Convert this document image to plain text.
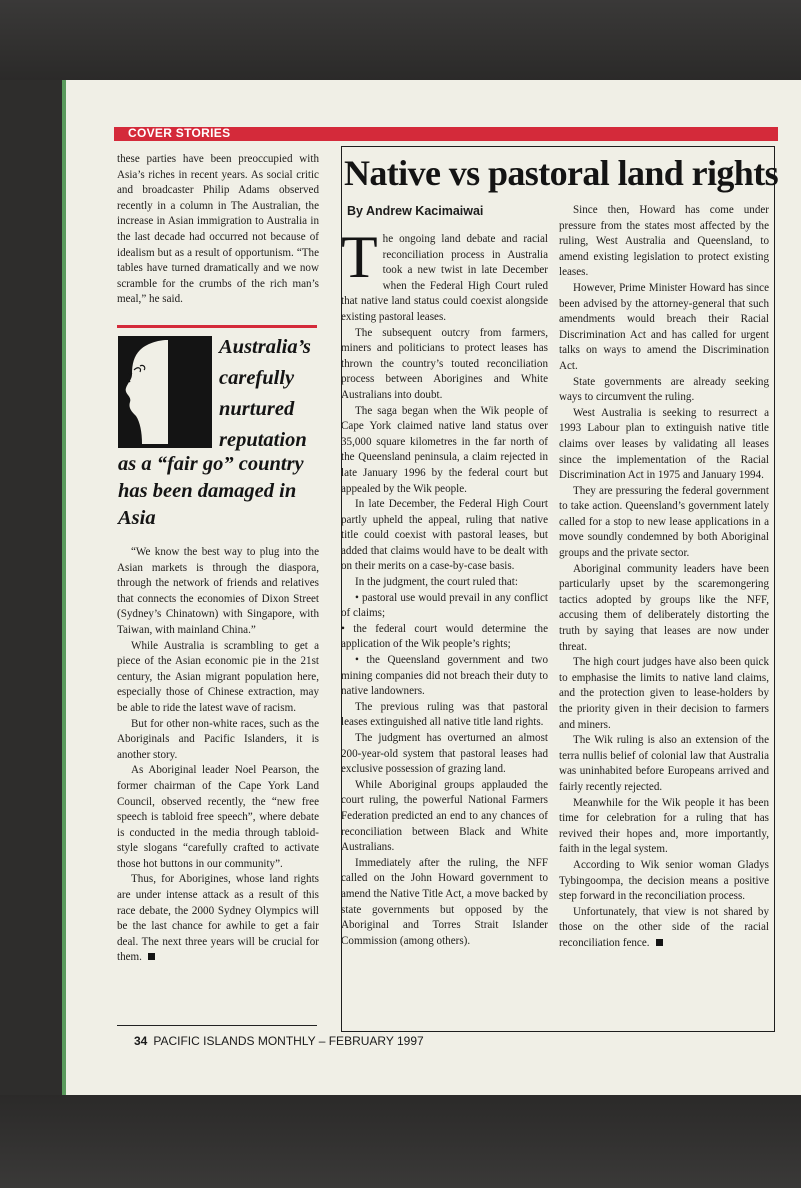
COVER STORIES

these parties have been preoccupied with Asia’s riches in recent years. As social critic and broadcaster Philip Adams observed recently in a column in The Australian, the increase in Asian immigration to Australia in the last decade had occurred not because of idealism but as a result of opportunism. “The tables have turned dramatically and we now scramble for the crumbs of the rich man’s meal,” he said.

Australia’s carefully nurtured reputation
as a “fair go” country has been damaged in Asia

“We know the best way to plug into the Asian markets is through the diaspora, through the network of friends and relatives that connects the economies of Dixon Street (Sydney’s Chinatown) with Singapore, with Taiwan, with mainland China.”

While Australia is scrambling to get a piece of the Asian economic pie in the 21st century, the Asian migrant population here, especially those of Chinese extraction, may be able to ride the latest wave of racism.

But for other non-white races, such as the Aboriginals and Pacific Islanders, it is another story.

As Aboriginal leader Noel Pearson, the former chairman of the Cape York Land Council, observed recently, the “new free speech is tabloid free speech”, where debate is conducted in the media through tabloid-style slogans “carefully crafted to activate those hot buttons in our community”.

Thus, for Aborigines, whose land rights are under intense attack as a result of this race debate, the 2000 Sydney Olympics will be the last chance for awhile to get a fair deal. The next three years will be crucial for them.

Native vs pastoral land rights
By Andrew Kacimaiwai

The ongoing land debate and racial reconciliation process in Australia took a new twist in late December when the Federal High Court ruled that native land status could coexist alongside existing pastoral leases.

The subsequent outcry from farmers, miners and politicians to protect leases has thrown the country’s touted reconciliation process between Aborigines and White Australians into doubt.

The saga began when the Wik people of Cape York claimed native land status over 35,000 square kilometres in the far north of the Queensland peninsula, a claim rejected in late January 1996 by the federal court but appealed by the Wik people.

In late December, the Federal High Court partly upheld the appeal, ruling that native title could coexist with pastoral leases, but added that claims would have to be dealt with on their merits on a case-by-case basis.

In the judgment, the court ruled that:

• pastoral use would prevail in any conflict of claims;

• the federal court would determine the application of the Wik people’s rights;

• the Queensland government and two mining companies did not breach their duty to native landowners.

The previous ruling was that pastoral leases extinguished all native title land rights.

The judgment has overturned an almost 200-year-old system that pastoral leases had exclusive possession of grazing land.

While Aboriginal groups applauded the court ruling, the powerful National Farmers Federation predicted an end to any chances of reconciliation between Black and White Australians.

Immediately after the ruling, the NFF called on the John Howard government to amend the Native Title Act, a move backed by state governments but opposed by the Aboriginal and Torres Strait Islander Commission (among others).

Since then, Howard has come under pressure from the states most affected by the ruling, West Australia and Queensland, to amend existing legislation to protect existing leases.

However, Prime Minister Howard has since been advised by the attorney-general that such amendments would breach their Racial Discrimination Act and has called for urgent talks on ways to amend the Discrimination Act.

State governments are already seeking ways to circumvent the ruling.

West Australia is seeking to resurrect a 1993 Labour plan to extinguish native title claims over leases by validating all leases since the implementation of the Racial Discrimination Act in 1975 and January 1994.

They are pressuring the federal government to take action. Queensland’s government lately called for a stop to new lease applications in a move soundly condemned by both Aboriginal groups and the private sector.

Aboriginal community leaders have been particularly upset by the scaremongering tactics adopted by groups like the NFF, accusing them of deliberately distorting the truth by saying that leases are now under threat.

The high court judges have also been quick to emphasise the limits to native land claims, and the protection given to lease-holders by the priority given in their decision to farmers and miners.

The Wik ruling is also an extension of the terra nullis belief of colonial law that Australia was uninhabited before Europeans arrived and fairly recently rejected.

Meanwhile for the Wik people it has been time for celebration for a ruling that has revived their hopes and, more importantly, faith in the legal system.

According to Wik senior woman Gladys Tybingoompa, the decision means a positive step forward in the reconciliation process.

Unfortunately, that view is not shared by those on the other side of the racial reconciliation fence.

34 PACIFIC ISLANDS MONTHLY – FEBRUARY 1997
